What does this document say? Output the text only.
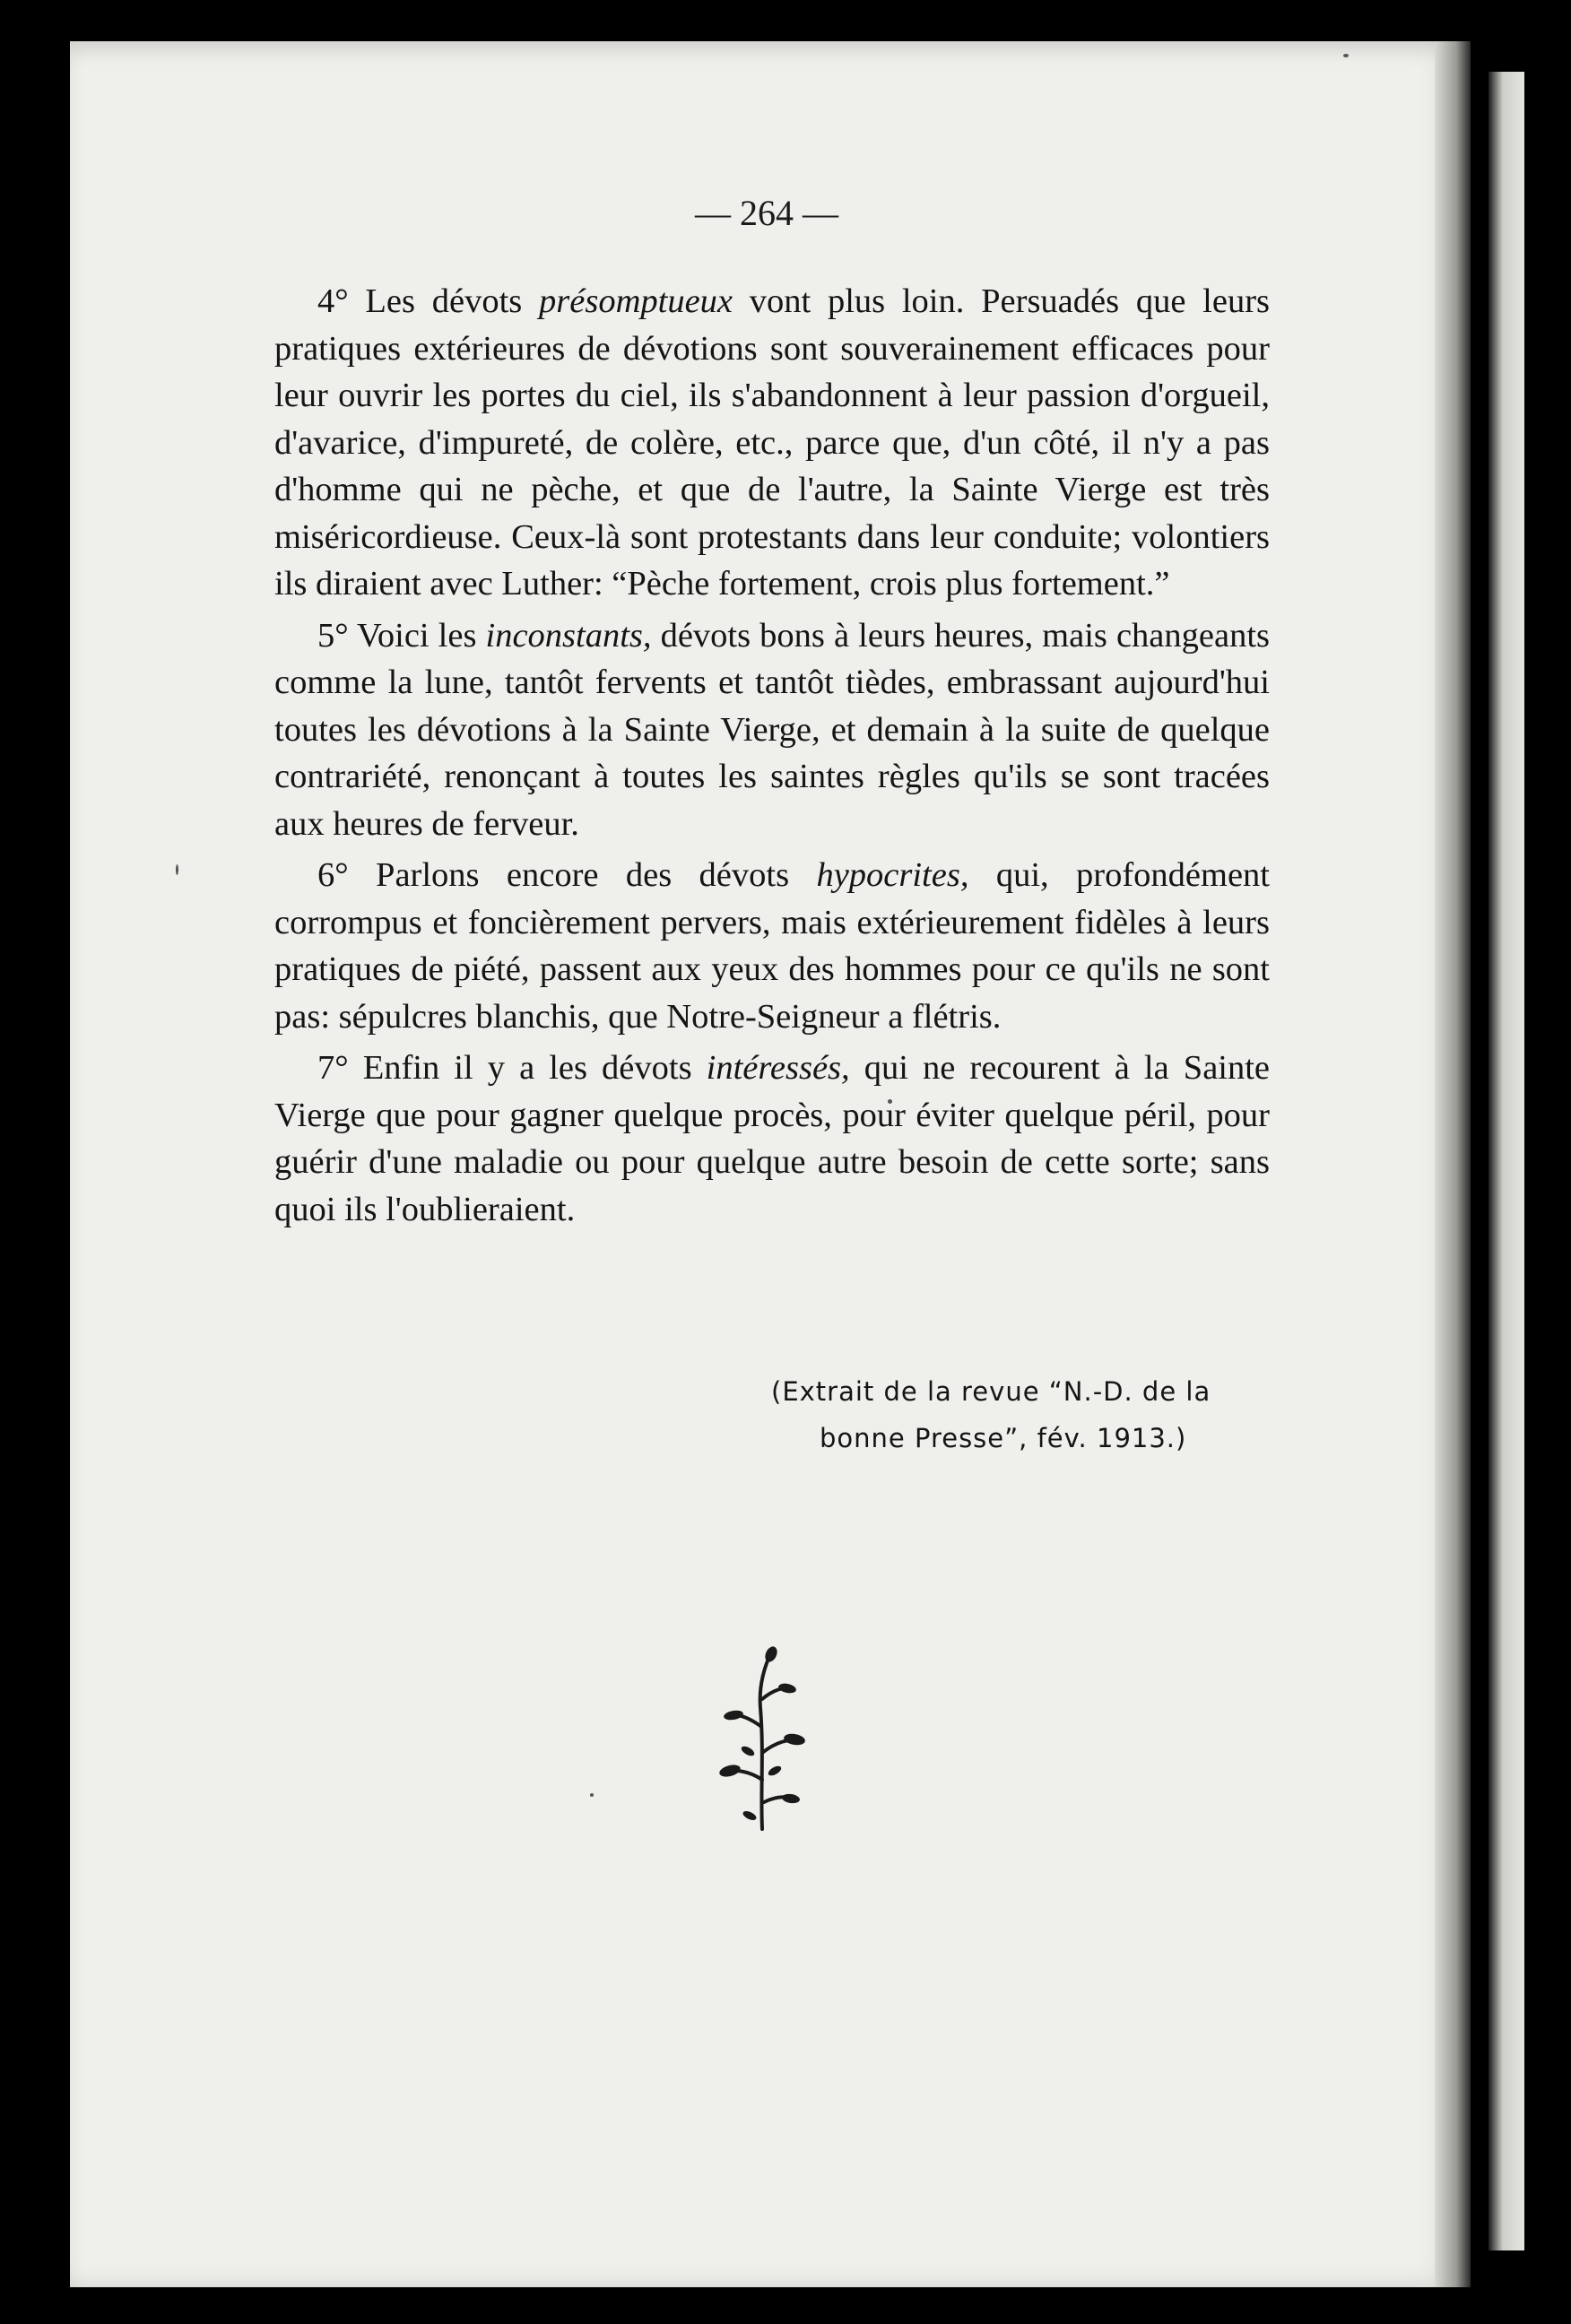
— 264 —

4° Les dévots présomptueux vont plus loin. Persuadés que leurs pratiques extérieures de dévotions sont souverainement efficaces pour leur ouvrir les portes du ciel, ils s'abandonnent à leur passion d'orgueil, d'avarice, d'impureté, de colère, etc., parce que, d'un côté, il n'y a pas d'homme qui ne pèche, et que de l'autre, la Sainte Vierge est très miséricordieuse. Ceux-là sont protestants dans leur conduite; volontiers ils diraient avec Luther: “Pèche fortement, crois plus fortement.”

5° Voici les inconstants, dévots bons à leurs heures, mais changeants comme la lune, tantôt fervents et tantôt tièdes, embrassant aujourd'hui toutes les dévotions à la Sainte Vierge, et demain à la suite de quelque contrariété, renonçant à toutes les saintes règles qu'ils se sont tracées aux heures de ferveur.

6° Parlons encore des dévots hypocrites, qui, profondément corrompus et foncièrement pervers, mais extérieurement fidèles à leurs pratiques de piété, passent aux yeux des hommes pour ce qu'ils ne sont pas: sépulcres blanchis, que Notre-Seigneur a flétris.

7° Enfin il y a les dévots intéressés, qui ne recourent à la Sainte Vierge que pour gagner quelque procès, pour éviter quelque péril, pour guérir d'une maladie ou pour quelque autre besoin de cette sorte; sans quoi ils l'oublieraient.

(Extrait de la revue “N.-D. de la
bonne Presse”, fév. 1913.)
